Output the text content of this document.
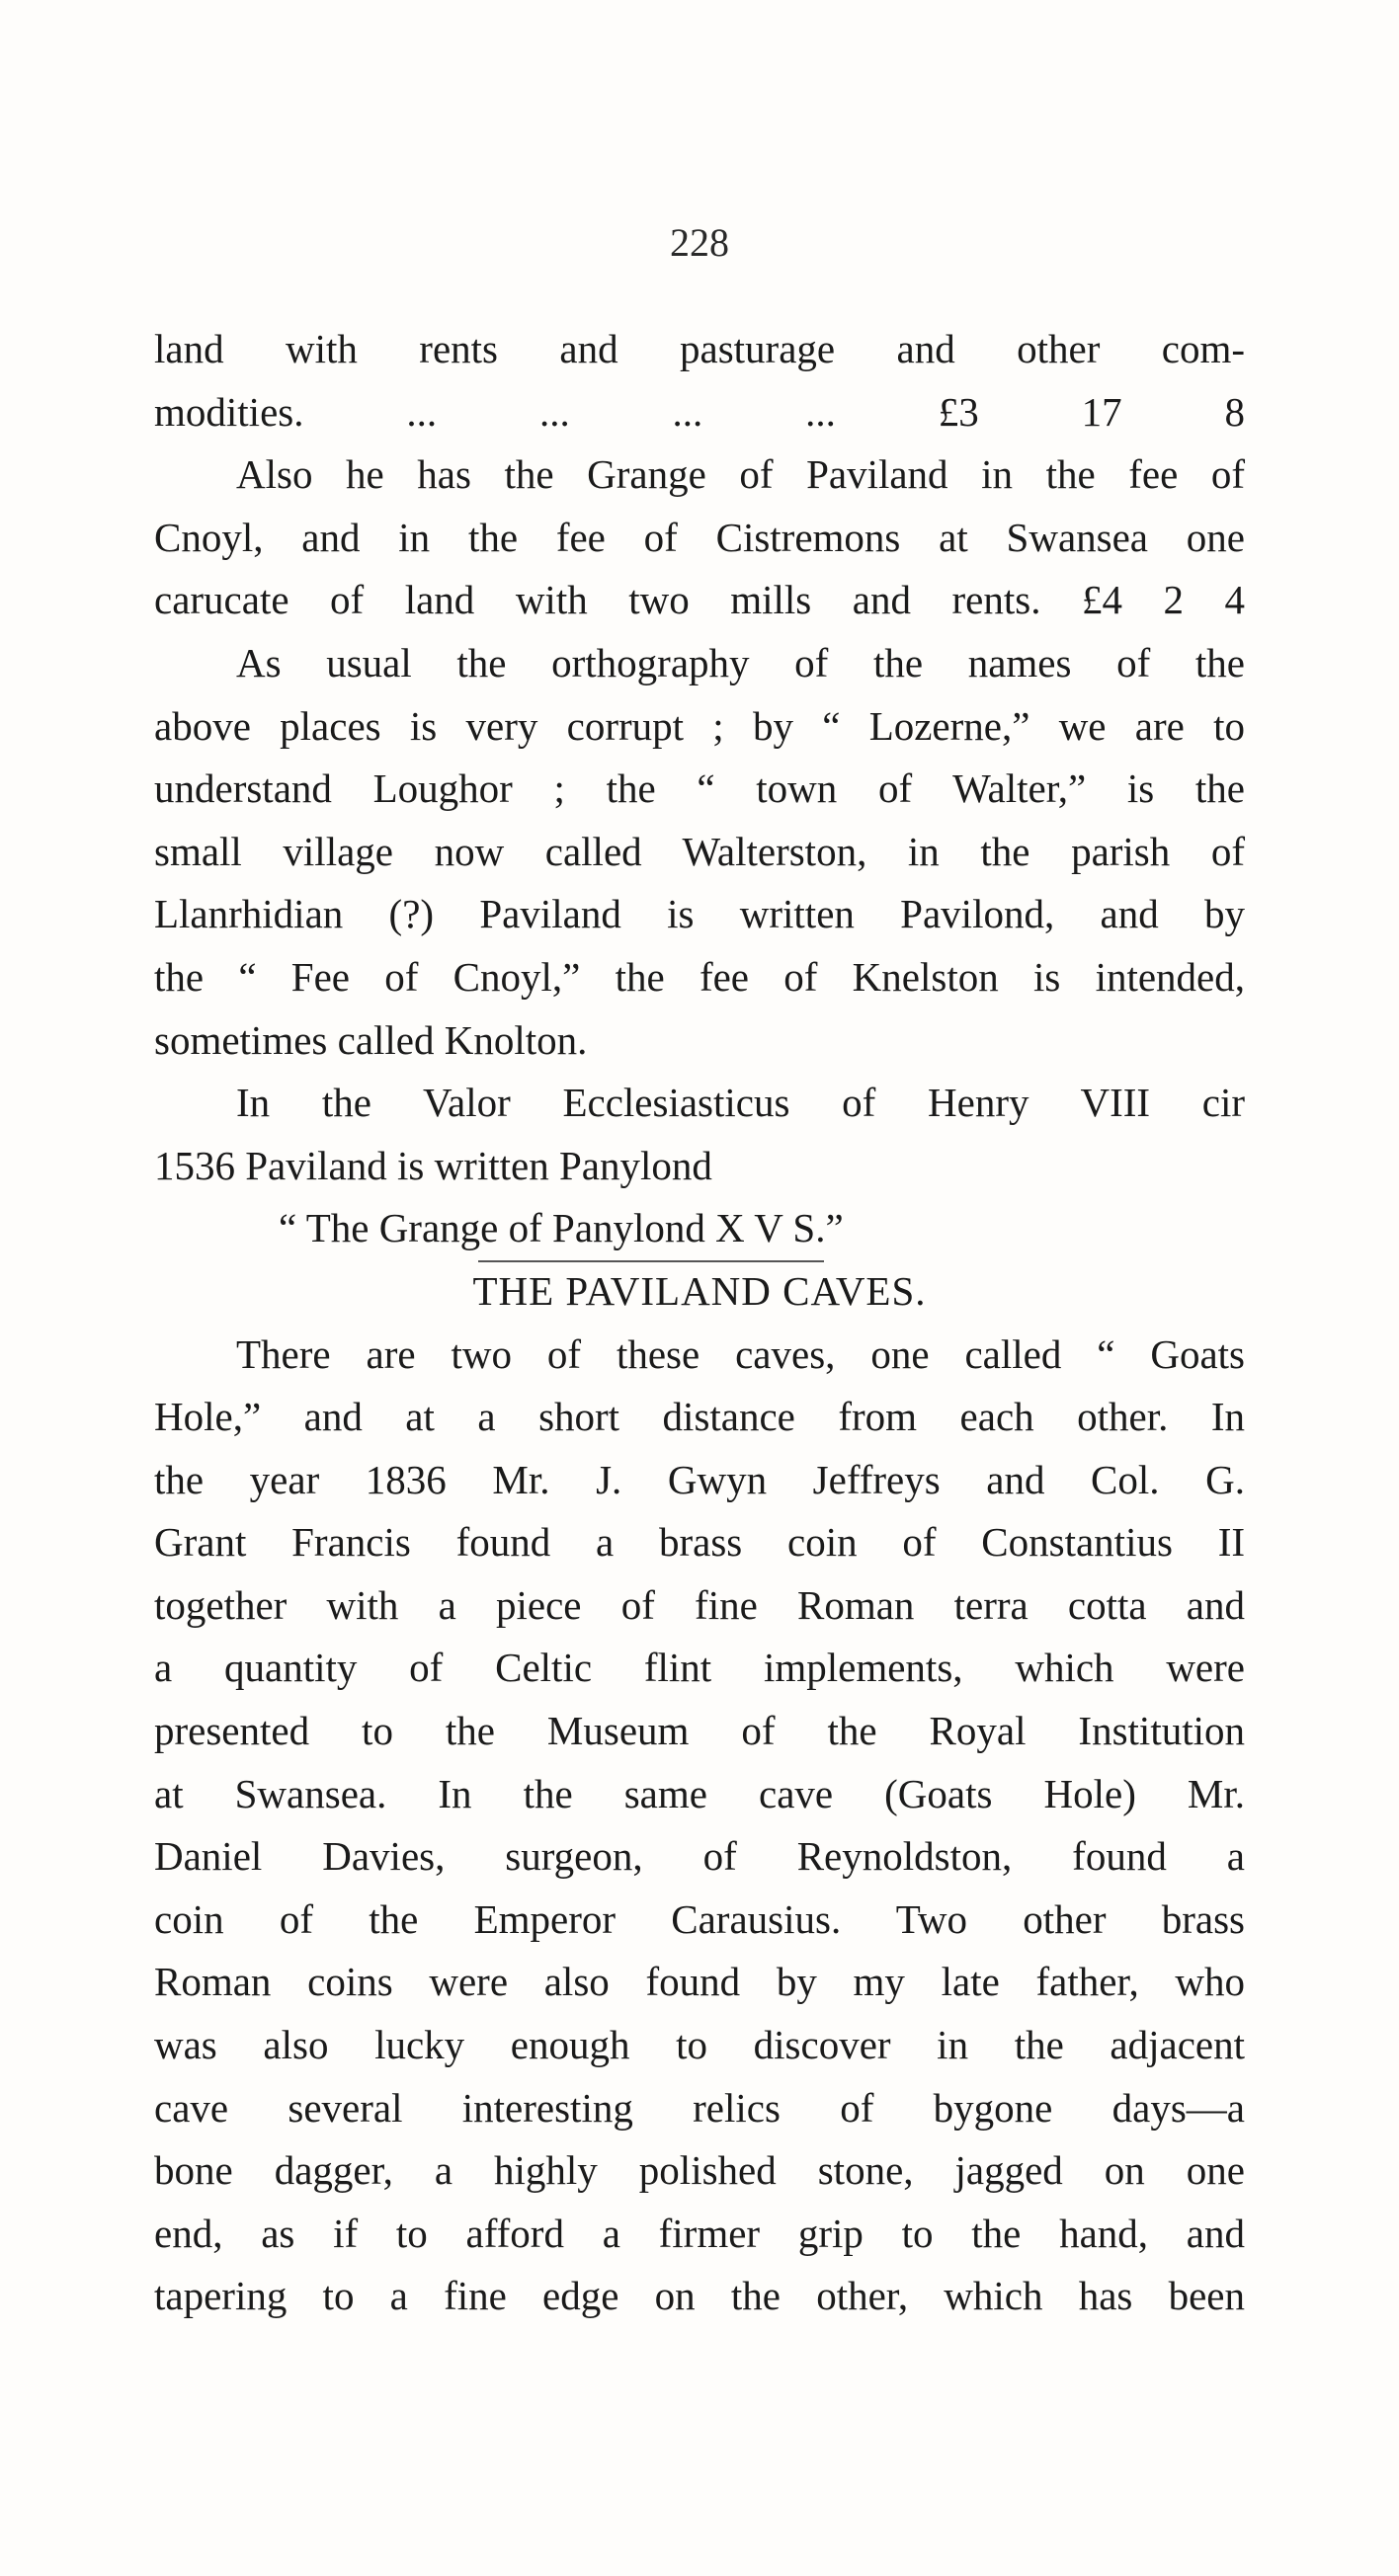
228
land with rents and pasturage and other com-
modities. ... ... ... ... £3 17 8
Also he has the Grange of Paviland in the fee of
Cnoyl, and in the fee of Cistremons at Swansea one
carucate of land with two mills and rents. £4 2 4
As usual the orthography of the names of the
above places is very corrupt ; by “ Lozerne,” we are to
understand Loughor ; the “ town of Walter,” is the
small village now called Walterston, in the parish of
Llanrhidian (?) Paviland is written Pavilond, and by
the “ Fee of Cnoyl,” the fee of Knelston is intended,
sometimes called Knolton.
In the Valor Ecclesiasticus of Henry VIII cir
1536 Paviland is written Panylond
“ The Grange of Panylond X V S.”
THE PAVILAND CAVES.
There are two of these caves, one called “ Goats
Hole,” and at a short distance from each other. In
the year 1836 Mr. J. Gwyn Jeffreys and Col. G.
Grant Francis found a brass coin of Constantius II
together with a piece of fine Roman terra cotta and
a quantity of Celtic flint implements, which were
presented to the Museum of the Royal Institution
at Swansea. In the same cave (Goats Hole) Mr.
Daniel Davies, surgeon, of Reynoldston, found a
coin of the Emperor Carausius. Two other brass
Roman coins were also found by my late father, who
was also lucky enough to discover in the adjacent
cave several interesting relics of bygone days—a
bone dagger, a highly polished stone, jagged on one
end, as if to afford a firmer grip to the hand, and
tapering to a fine edge on the other, which has been
